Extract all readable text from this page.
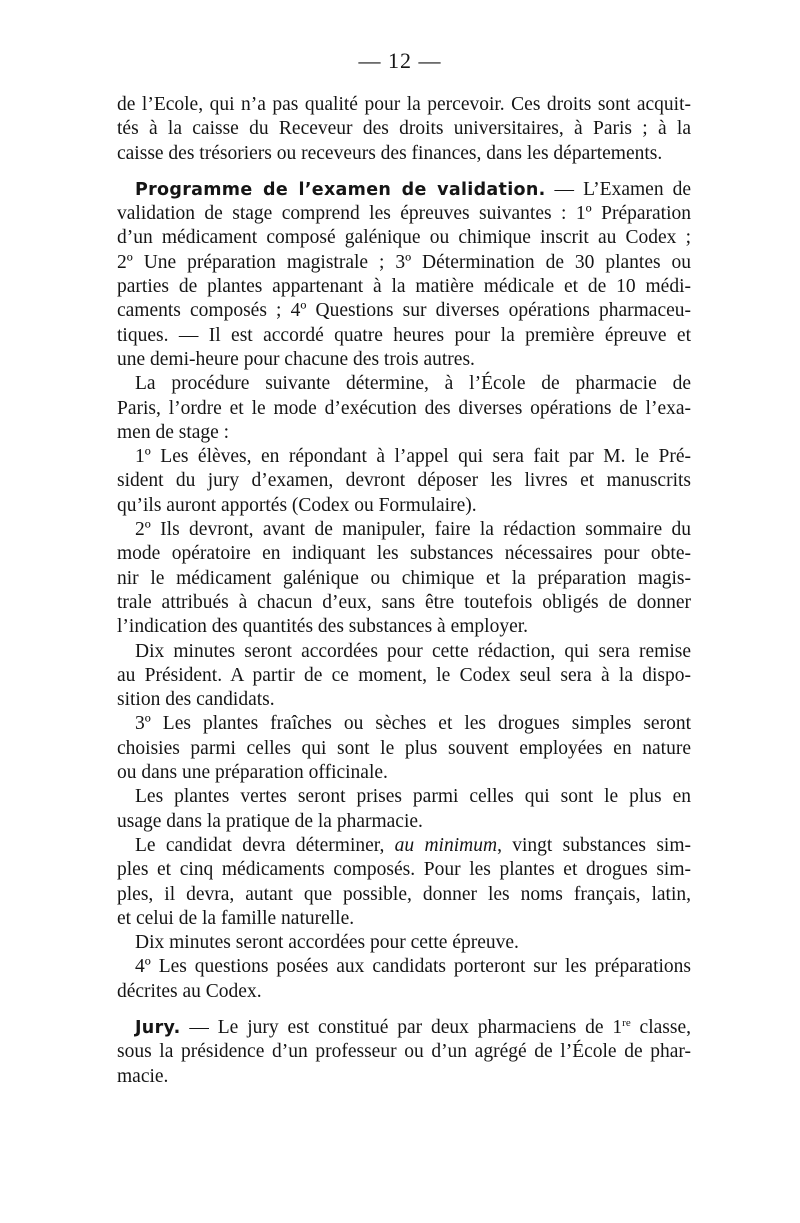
— 12 —
de l’Ecole, qui n’a pas qualité pour la percevoir. Ces droits sont acquit-
tés à la caisse du Receveur des droits universitaires, à Paris ; à la
caisse des trésoriers ou receveurs des finances, dans les départements.
Programme de l’examen de validation. — L’Examen de
validation de stage comprend les épreuves suivantes : 1º Préparation
d’un médicament composé galénique ou chimique inscrit au Codex ;
2º Une préparation magistrale ; 3º Détermination de 30 plantes ou
parties de plantes appartenant à la matière médicale et de 10 médi-
caments composés ; 4º Questions sur diverses opérations pharmaceu-
tiques. — Il est accordé quatre heures pour la première épreuve et
une demi-heure pour chacune des trois autres.
La procédure suivante détermine, à l’École de pharmacie de
Paris, l’ordre et le mode d’exécution des diverses opérations de l’exa-
men de stage :
1º Les élèves, en répondant à l’appel qui sera fait par M. le Pré-
sident du jury d’examen, devront déposer les livres et manuscrits
qu’ils auront apportés (Codex ou Formulaire).
2º Ils devront, avant de manipuler, faire la rédaction sommaire du
mode opératoire en indiquant les substances nécessaires pour obte-
nir le médicament galénique ou chimique et la préparation magis-
trale attribués à chacun d’eux, sans être toutefois obligés de donner
l’indication des quantités des substances à employer.
Dix minutes seront accordées pour cette rédaction, qui sera remise
au Président. A partir de ce moment, le Codex seul sera à la dispo-
sition des candidats.
3º Les plantes fraîches ou sèches et les drogues simples seront
choisies parmi celles qui sont le plus souvent employées en nature
ou dans une préparation officinale.
Les plantes vertes seront prises parmi celles qui sont le plus en
usage dans la pratique de la pharmacie.
Le candidat devra déterminer, au minimum, vingt substances sim-
ples et cinq médicaments composés. Pour les plantes et drogues sim-
ples, il devra, autant que possible, donner les noms français, latin,
et celui de la famille naturelle.
Dix minutes seront accordées pour cette épreuve.
4º Les questions posées aux candidats porteront sur les préparations
décrites au Codex.
Jury. — Le jury est constitué par deux pharmaciens de 1re classe,
sous la présidence d’un professeur ou d’un agrégé de l’École de phar-
macie.
